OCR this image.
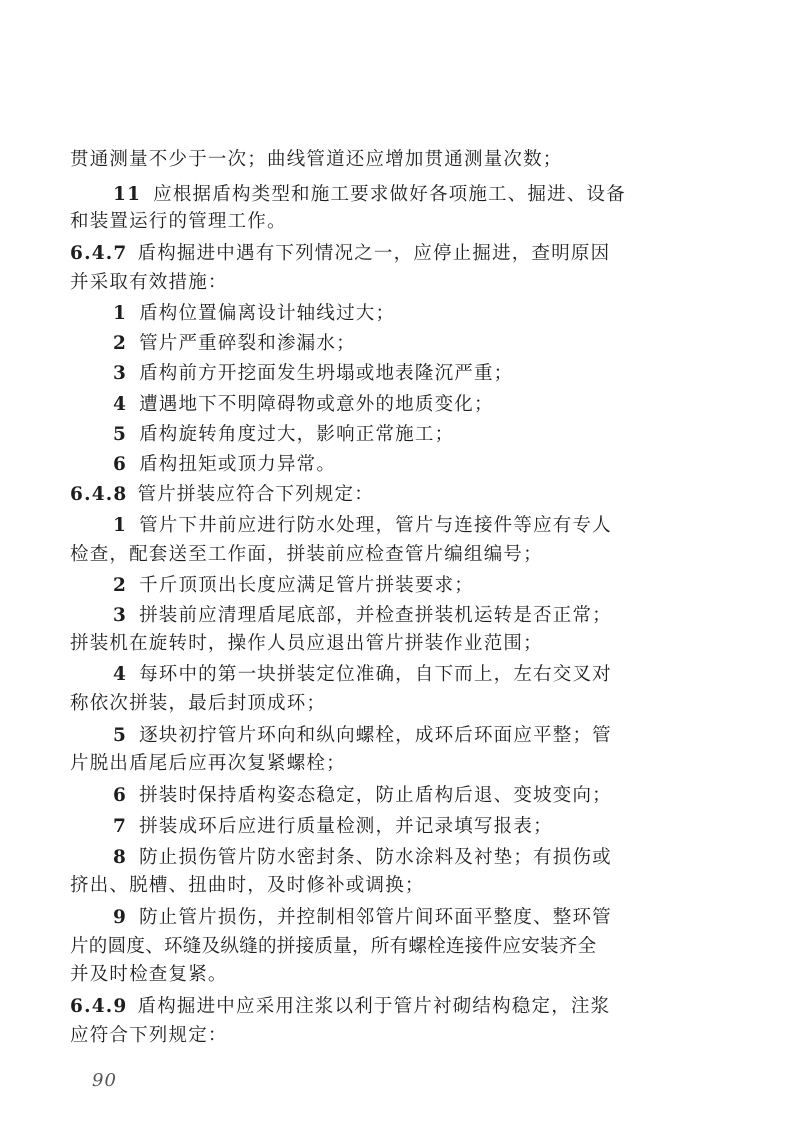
贯通测量不少于一次；曲线管道还应增加贯通测量次数；
11 应根据盾构类型和施工要求做好各项施工、掘进、设备
和装置运行的管理工作。
6.4.7 盾构掘进中遇有下列情况之一，应停止掘进，查明原因
并采取有效措施：
1 盾构位置偏离设计轴线过大；
2 管片严重碎裂和渗漏水；
3 盾构前方开挖面发生坍塌或地表隆沉严重；
4 遭遇地下不明障碍物或意外的地质变化；
5 盾构旋转角度过大，影响正常施工；
6 盾构扭矩或顶力异常。
6.4.8 管片拼装应符合下列规定：
1 管片下井前应进行防水处理，管片与连接件等应有专人
检查，配套送至工作面，拼装前应检查管片编组编号；
2 千斤顶顶出长度应满足管片拼装要求；
3 拼装前应清理盾尾底部，并检查拼装机运转是否正常；
拼装机在旋转时，操作人员应退出管片拼装作业范围；
4 每环中的第一块拼装定位准确，自下而上，左右交叉对
称依次拼装，最后封顶成环；
5 逐块初拧管片环向和纵向螺栓，成环后环面应平整；管
片脱出盾尾后应再次复紧螺栓；
6 拼装时保持盾构姿态稳定，防止盾构后退、变坡变向；
7 拼装成环后应进行质量检测，并记录填写报表；
8 防止损伤管片防水密封条、防水涂料及衬垫；有损伤或
挤出、脱槽、扭曲时，及时修补或调换；
9 防止管片损伤，并控制相邻管片间环面平整度、整环管
片的圆度、环缝及纵缝的拼接质量，所有螺栓连接件应安装齐全
并及时检查复紧。
6.4.9 盾构掘进中应采用注浆以利于管片衬砌结构稳定，注浆
应符合下列规定：
90
